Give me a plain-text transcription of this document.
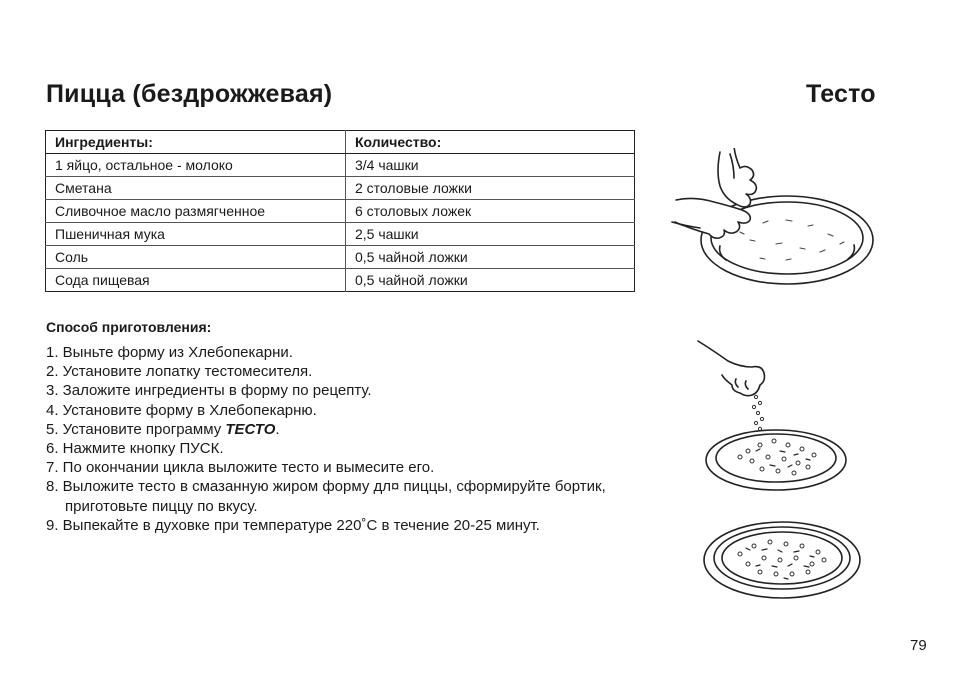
Пицца (бездрожжевая)	Тесто
Ингредиенты:	Количество:
1 яйцо, остальное - молоко	3/4 чашки
Сметана	2 столовые ложки
Сливочное масло размягченное	6 столовых ложек
Пшеничная мука	2,5 чашки
Соль	0,5 чайной ложки
Сода пищевая	0,5 чайной ложки

Способ приготовления:

1. Выньте форму из Хлебопекарни.
2. Установите лопатку тестомесителя.
3. Заложите ингредиенты в форму по рецепту.
4. Установите форму в Хлебопекарню.
5. Установите программу ТЕСТО.
6. Нажмите кнопку ПУСК.
7. По окончании цикла выложите тесто и вымесите его.
8. Выложите тесто в смазанную жиром форму дл¤ пиццы, сформируйте бортик, приготовьте пиццу по вкусу.
9. Выпекайте в духовке при температуре 220˚С в течение 20-25 минут.
79
